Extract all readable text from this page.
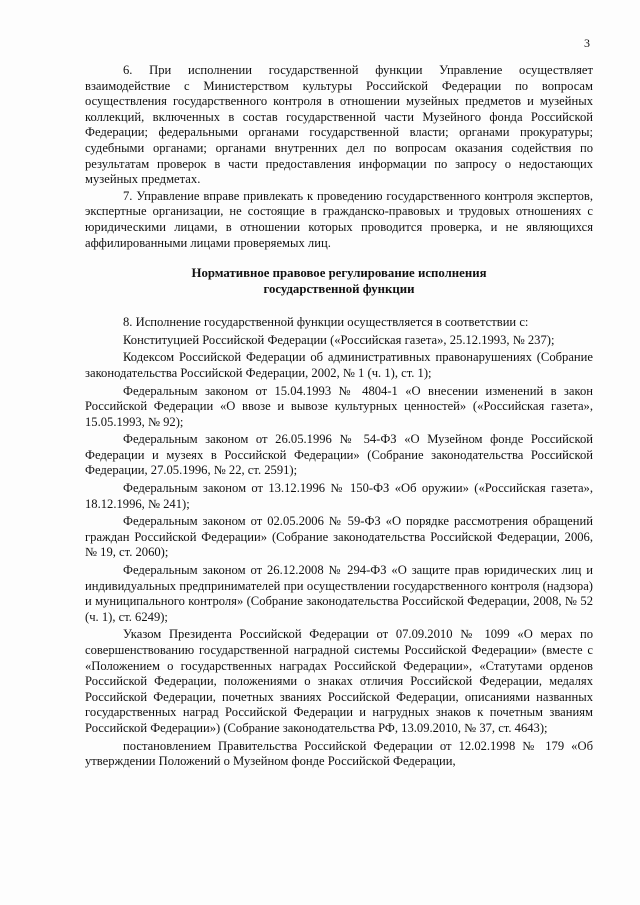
3

6. При исполнении государственной функции Управление осуществляет взаимодействие с Министерством культуры Российской Федерации по вопросам осуществления государственного контроля в отношении музейных предметов и музейных коллекций, включенных в состав государственной части Музейного фонда Российской Федерации; федеральными органами государственной власти; органами прокуратуры; судебными органами; органами внутренних дел по вопросам оказания содействия по результатам проверок в части предоставления информации по запросу о недостающих музейных предметах.

7. Управление вправе привлекать к проведению государственного контроля экспертов, экспертные организации, не состоящие в гражданско-правовых и трудовых отношениях с юридическими лицами, в отношении которых проводится проверка, и не являющихся аффилированными лицами проверяемых лиц.

Нормативное правовое регулирование исполнения
государственной функции

8. Исполнение государственной функции осуществляется в соответствии с:

Конституцией Российской Федерации («Российская газета», 25.12.1993, № 237);

Кодексом Российской Федерации об административных правонарушениях (Собрание законодательства Российской Федерации, 2002, № 1 (ч. 1), ст. 1);

Федеральным законом от 15.04.1993 № 4804-1 «О внесении изменений в закон Российской Федерации «О ввозе и вывозе культурных ценностей» («Российская газета», 15.05.1993, № 92);

Федеральным законом от 26.05.1996 № 54-ФЗ «О Музейном фонде Российской Федерации и музеях в Российской Федерации» (Собрание законодательства Российской Федерации, 27.05.1996, № 22, ст. 2591);

Федеральным законом от 13.12.1996 № 150-ФЗ «Об оружии» («Российская газета», 18.12.1996, № 241);

Федеральным законом от 02.05.2006 № 59-ФЗ «О порядке рассмотрения обращений граждан Российской Федерации» (Собрание законодательства Российской Федерации, 2006, № 19, ст. 2060);

Федеральным законом от 26.12.2008 № 294-ФЗ «О защите прав юридических лиц и индивидуальных предпринимателей при осуществлении государственного контроля (надзора) и муниципального контроля» (Собрание законодательства Российской Федерации, 2008, № 52 (ч. 1), ст. 6249);

Указом Президента Российской Федерации от 07.09.2010 № 1099 «О мерах по совершенствованию государственной наградной системы Российской Федерации» (вместе с «Положением о государственных наградах Российской Федерации», «Статутами орденов Российской Федерации, положениями о знаках отличия Российской Федерации, медалях Российской Федерации, почетных званиях Российской Федерации, описаниями названных государственных наград Российской Федерации и нагрудных знаков к почетным званиям Российской Федерации») (Собрание законодательства РФ, 13.09.2010, № 37, ст. 4643);

постановлением Правительства Российской Федерации от 12.02.1998 № 179 «Об утверждении Положений о Музейном фонде Российской Федерации,
